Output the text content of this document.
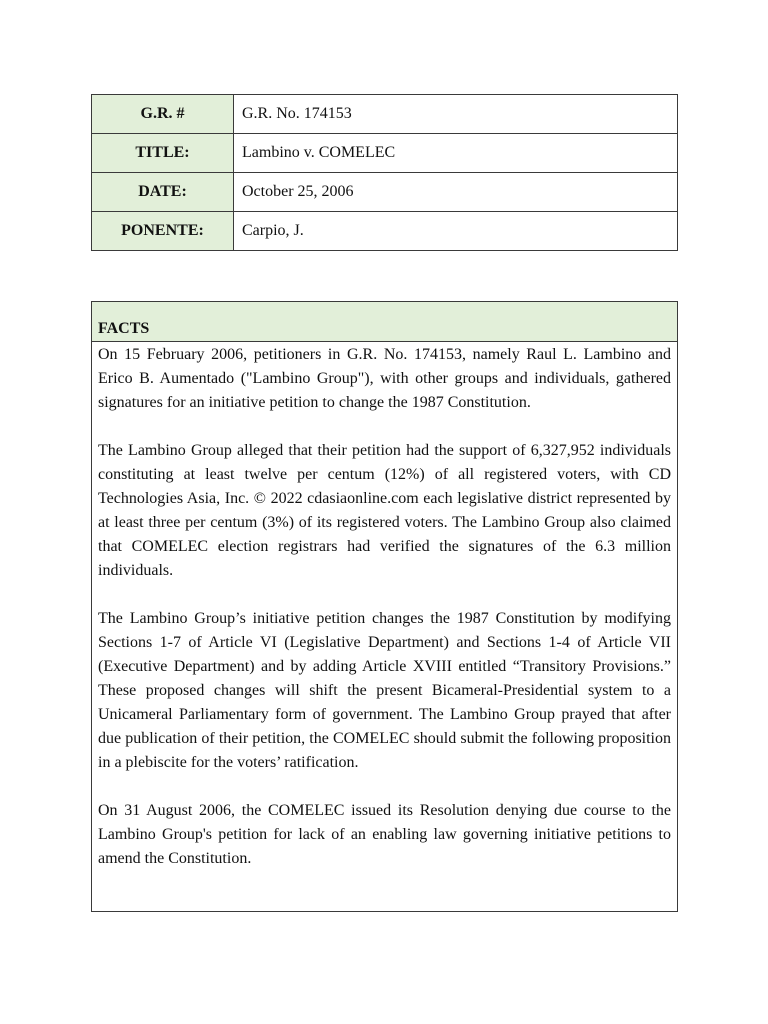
G.R. #	G.R. No. 174153
TITLE:	Lambino v. COMELEC
DATE:	October 25, 2006
PONENTE:	Carpio, J.
FACTS

On 15 February 2006, petitioners in G.R. No. 174153, namely Raul L. Lambino and Erico B. Aumentado ("Lambino Group"), with other groups and individuals, gathered signatures for an initiative petition to change the 1987 Constitution.

The Lambino Group alleged that their petition had the support of 6,327,952 individuals constituting at least twelve per centum (12%) of all registered voters, with CD Technologies Asia, Inc. © 2022 cdasiaonline.com each legislative district represented by at least three per centum (3%) of its registered voters. The Lambino Group also claimed that COMELEC election registrars had verified the signatures of the 6.3 million individuals.

The Lambino Group’s initiative petition changes the 1987 Constitution by modifying Sections 1-7 of Article VI (Legislative Department) and Sections 1-4 of Article VII (Executive Department) and by adding Article XVIII entitled “Transitory Provisions.” These proposed changes will shift the present Bicameral-Presidential system to a Unicameral Parliamentary form of government. The Lambino Group prayed that after due publication of their petition, the COMELEC should submit the following proposition in a plebiscite for the voters’ ratification.

On 31 August 2006, the COMELEC issued its Resolution denying due course to the Lambino Group's petition for lack of an enabling law governing initiative petitions to amend the Constitution.
